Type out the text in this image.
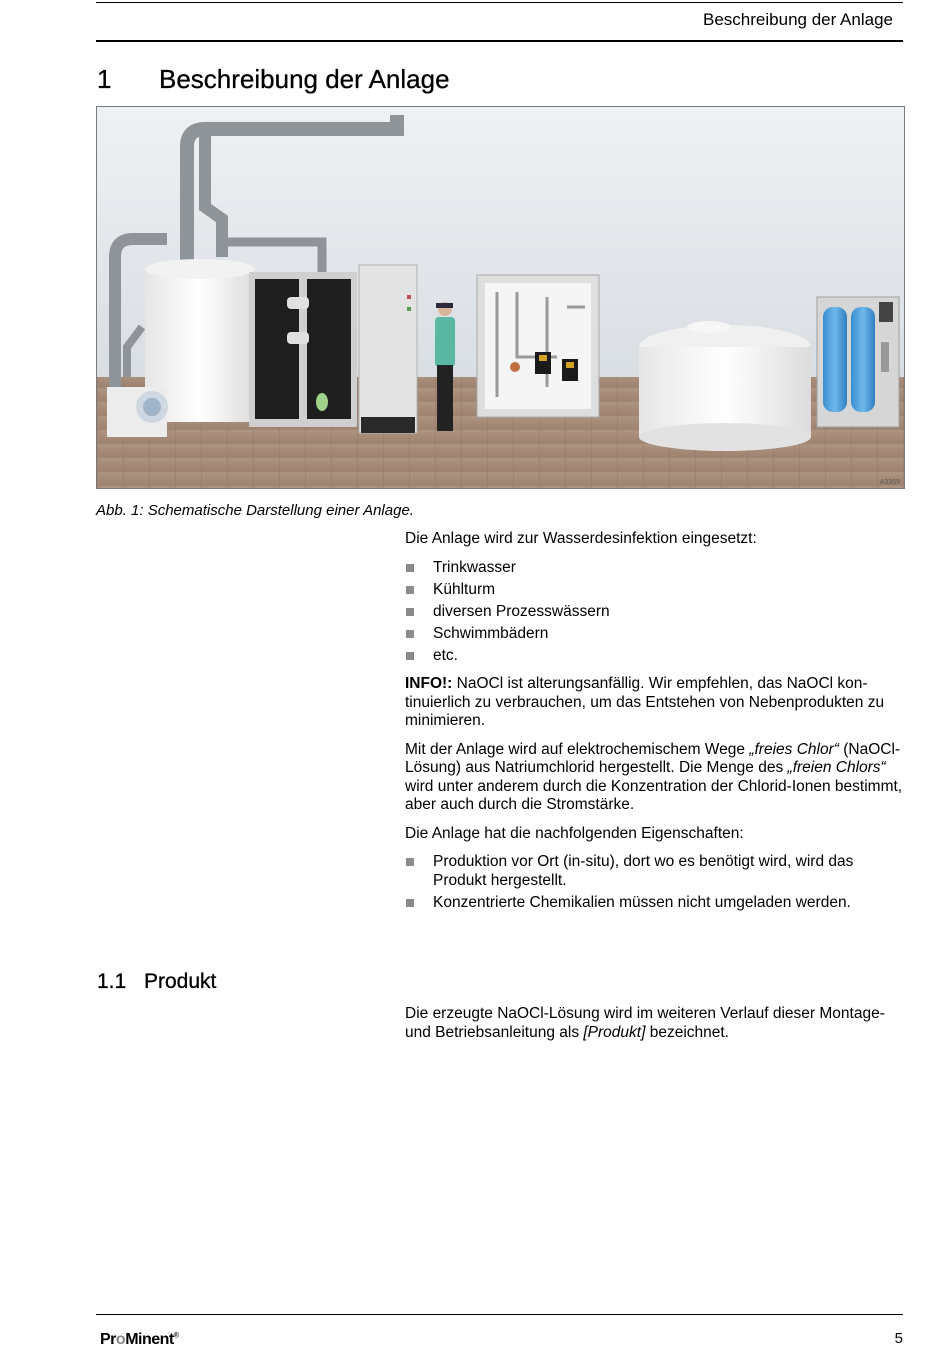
Beschreibung der Anlage
1 Beschreibung der Anlage
A3359
Abb. 1: Schematische Darstellung einer Anlage.

Die Anlage wird zur Wasserdesinfektion eingesetzt:

Trinkwasser
Kühlturm
diversen Prozesswässern
Schwimmbädern
etc.

INFO!: NaOCl ist alterungsanfällig. Wir empfehlen, das NaOCl kontinuierlich zu verbrauchen, um das Entstehen von Nebenprodukten zu minimieren.

Mit der Anlage wird auf elektrochemischem Wege „freies Chlor“ (NaOCl-Lösung) aus Natriumchlorid hergestellt. Die Menge des „freien Chlors“ wird unter anderem durch die Konzentration der Chlorid-Ionen bestimmt, aber auch durch die Stromstärke.

Die Anlage hat die nachfolgenden Eigenschaften:

Produktion vor Ort (in-situ), dort wo es benötigt wird, wird das Produkt hergestellt.
Konzentrierte Chemikalien müssen nicht umgeladen werden.
1.1 Produkt

Die erzeugte NaOCl-Lösung wird im weiteren Verlauf dieser Montage- und Betriebsanleitung als [Produkt] bezeichnet.

ProMinent®	5
